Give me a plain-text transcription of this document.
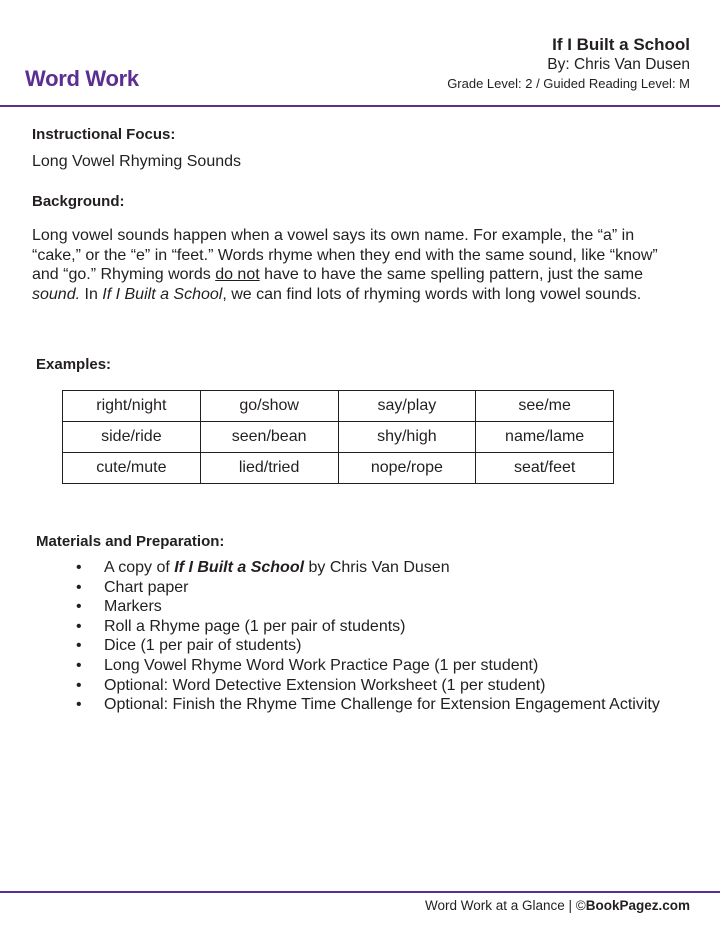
Word Work
If I Built a School
By: Chris Van Dusen
Grade Level: 2 / Guided Reading Level: M
Instructional Focus:
Long Vowel Rhyming Sounds
Background:
Long vowel sounds happen when a vowel says its own name. For example, the “a” in “cake,” or the “e” in “feet.” Words rhyme when they end with the same sound, like “know” and “go.” Rhyming words do not have to have the same spelling pattern, just the same sound. In If I Built a School, we can find lots of rhyming words with long vowel sounds.
Examples:
right/night	go/show	say/play	see/me
side/ride	seen/bean	shy/high	name/lame
cute/mute	lied/tried	nope/rope	seat/feet
Materials and Preparation:
• A copy of If I Built a School by Chris Van Dusen
• Chart paper
• Markers
• Roll a Rhyme page (1 per pair of students)
• Dice (1 per pair of students)
• Long Vowel Rhyme Word Work Practice Page (1 per student)
• Optional: Word Detective Extension Worksheet (1 per student)
• Optional: Finish the Rhyme Time Challenge for Extension Engagement Activity
Word Work at a Glance | ©BookPagez.com
